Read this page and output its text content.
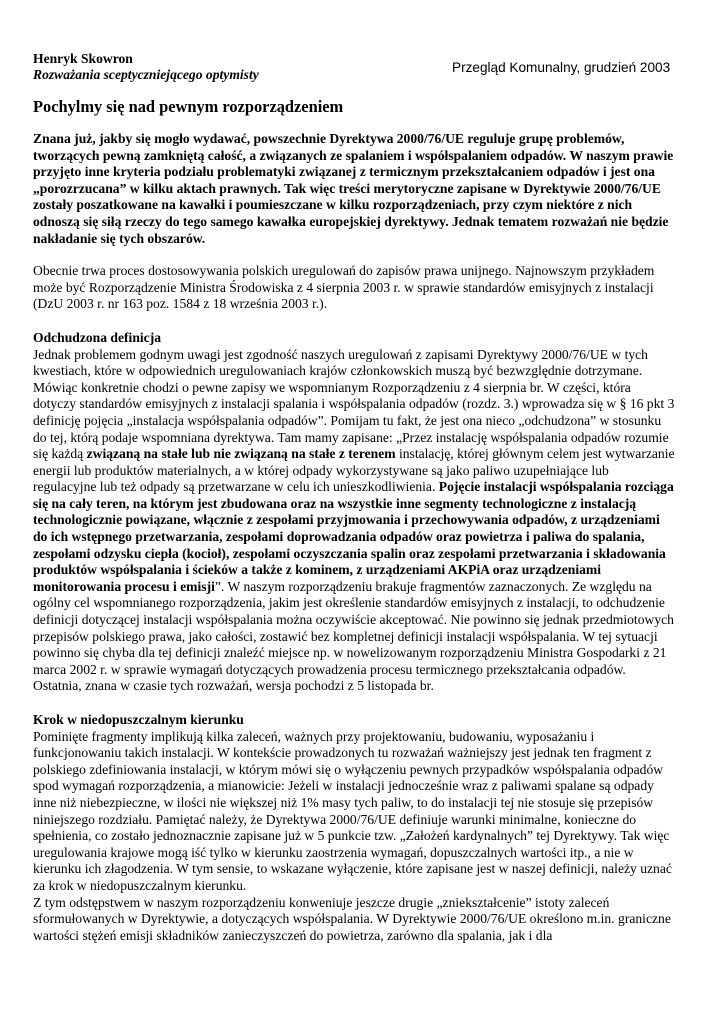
Henryk Skowron
Rozważania sceptyczniejącego optymisty	Przegląd Komunalny, grudzień 2003
Pochylmy się nad pewnym rozporządzeniem

Znana już, jakby się mogło wydawać, powszechnie Dyrektywa 2000/76/UE reguluje grupę problemów, tworzących pewną zamkniętą całość, a związanych ze spalaniem i współspalaniem odpadów. W naszym prawie przyjęto inne kryteria podziału problematyki związanej z termicznym przekształcaniem odpadów i jest ona „porozrzucana” w kilku aktach prawnych. Tak więc treści merytoryczne zapisane w Dyrektywie 2000/76/UE zostały poszatkowane na kawałki i poumieszczane w kilku rozporządzeniach, przy czym niektóre z nich odnoszą się siłą rzeczy do tego samego kawałka europejskiej dyrektywy. Jednak tematem rozważań nie będzie nakładanie się tych obszarów.

Obecnie trwa proces dostosowywania polskich uregulowań do zapisów prawa unijnego. Najnowszym przykładem może być Rozporządzenie Ministra Środowiska z 4 sierpnia 2003 r. w sprawie standardów emisyjnych z instalacji (DzU 2003 r. nr 163 poz. 1584 z 18 września 2003 r.).

Odchudzona definicja

Jednak problemem godnym uwagi jest zgodność naszych uregulowań z zapisami Dyrektywy 2000/76/UE w tych kwestiach, które w odpowiednich uregulowaniach krajów członkowskich muszą być bezwzględnie dotrzymane. Mówiąc konkretnie chodzi o pewne zapisy we wspomnianym Rozporządzeniu z 4 sierpnia br. W części, która dotyczy standardów emisyjnych z instalacji spalania i współspalania odpadów (rozdz. 3.) wprowadza się w § 16 pkt 3 definicję pojęcia „instalacja współspalania odpadów”. Pomijam tu fakt, że jest ona nieco „odchudzona” w stosunku do tej, którą podaje wspomniana dyrektywa. Tam mamy zapisane: „Przez instalację współspalania odpadów rozumie się każdą związaną na stałe lub nie związaną na stałe z terenem instalację, której głównym celem jest wytwarzanie energii lub produktów materialnych, a w której odpady wykorzystywane są jako paliwo uzupełniające lub regulacyjne lub też odpady są przetwarzane w celu ich unieszkodliwienia. Pojęcie instalacji współspalania rozciąga się na cały teren, na którym jest zbudowana oraz na wszystkie inne segmenty technologiczne z instalacją technologicznie powiązane, włącznie z zespołami przyjmowania i przechowywania odpadów, z urządzeniami do ich wstępnego przetwarzania, zespołami doprowadzania odpadów oraz powietrza i paliwa do spalania, zespołami odzysku ciepła (kocioł), zespołami oczyszczania spalin oraz zespołami przetwarzania i składowania produktów współspalania i ścieków a także z kominem, z urządzeniami AKPiA oraz urządzeniami monitorowania procesu i emisji”. W naszym rozporządzeniu brakuje fragmentów zaznaczonych. Ze względu na ogólny cel wspomnianego rozporządzenia, jakim jest określenie standardów emisyjnych z instalacji, to odchudzenie definicji dotyczącej instalacji współspalania można oczywiście akceptować. Nie powinno się jednak przedmiotowych przepisów polskiego prawa, jako całości, zostawić bez kompletnej definicji instalacji współspalania. W tej sytuacji powinno się chyba dla tej definicji znaleźć miejsce np. w nowelizowanym rozporządzeniu Ministra Gospodarki z 21 marca 2002 r. w sprawie wymagań dotyczących prowadzenia procesu termicznego przekształcania odpadów. Ostatnia, znana w czasie tych rozważań, wersja pochodzi z 5 listopada br.

Krok w niedopuszczalnym kierunku

Pominięte fragmenty implikują kilka zaleceń, ważnych przy projektowaniu, budowaniu, wyposażaniu i funkcjonowaniu takich instalacji. W kontekście prowadzonych tu rozważań ważniejszy jest jednak ten fragment z polskiego zdefiniowania instalacji, w którym mówi się o wyłączeniu pewnych przypadków współspalania odpadów spod wymagań rozporządzenia, a mianowicie: Jeżeli w instalacji jednocześnie wraz z paliwami spalane są odpady inne niż niebezpieczne, w ilości nie większej niż 1% masy tych paliw, to do instalacji tej nie stosuje się przepisów niniejszego rozdziału. Pamiętać należy, że Dyrektywa 2000/76/UE definiuje warunki minimalne, konieczne do spełnienia, co zostało jednoznacznie zapisane już w 5 punkcie tzw. „Założeń kardynalnych” tej Dyrektywy. Tak więc uregulowania krajowe mogą iść tylko w kierunku zaostrzenia wymagań, dopuszczalnych wartości itp., a nie w kierunku ich złagodzenia. W tym sensie, to wskazane wyłączenie, które zapisane jest w naszej definicji, należy uznać za krok w niedopuszczalnym kierunku.

Z tym odstępstwem w naszym rozporządzeniu konweniuje jeszcze drugie „zniekształcenie” istoty zaleceń sformułowanych w Dyrektywie, a dotyczących współspalania. W Dyrektywie 2000/76/UE określono m.in. graniczne wartości stężeń emisji składników zanieczyszczeń do powietrza, zarówno dla spalania, jak i dla
